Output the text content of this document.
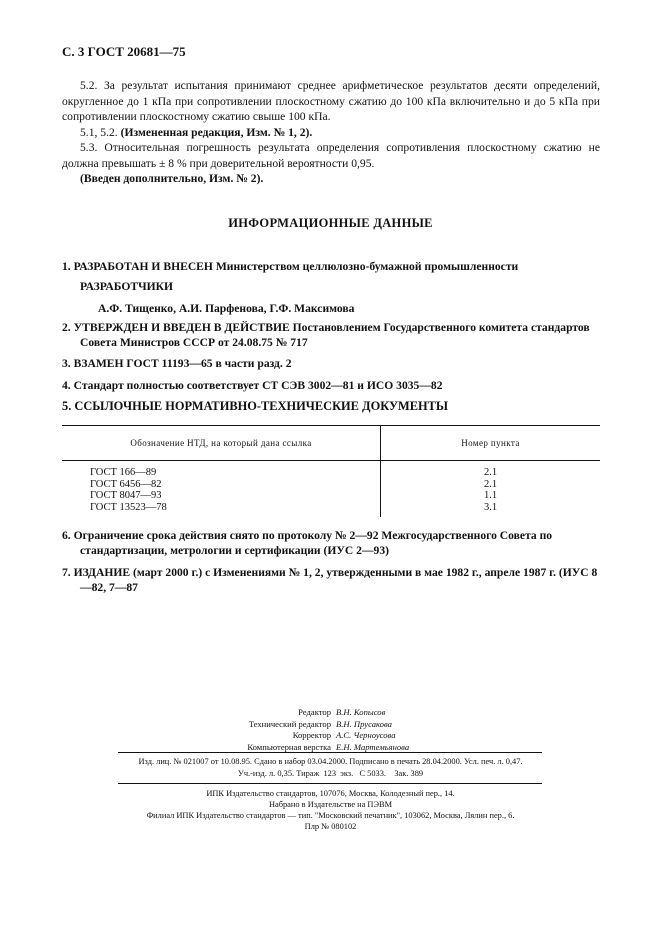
С. 3 ГОСТ 20681—75

5.2. За результат испытания принимают среднее арифметическое результатов десяти определений, округленное до 1 кПа при сопротивлении плоскостному сжатию до 100 кПа включительно и до 5 кПа при сопротивлении плоскостному сжатию свыше 100 кПа.

5.1, 5.2. (Измененная редакция, Изм. № 1, 2).

5.3. Относительная погрешность результата определения сопротивления плоскостному сжатию не должна превышать ± 8 % при доверительной вероятности 0,95.

(Введен дополнительно, Изм. № 2).

ИНФОРМАЦИОННЫЕ ДАННЫЕ
1. РАЗРАБОТАН И ВНЕСЕН Министерством целлюлозно-бумажной промышленности
РАЗРАБОТЧИКИ
А.Ф. Тищенко, А.И. Парфенова, Г.Ф. Максимова

2. УТВЕРЖДЕН И ВВЕДЕН В ДЕЙСТВИЕ Постановлением Государственного комитета стандартов Совета Министров СССР от 24.08.75 № 717

3. ВЗАМЕН ГОСТ 11193—65 в части разд. 2
4. Стандарт полностью соответствует СТ СЭВ 3002—81 и ИСО 3035—82
5. ССЫЛОЧНЫЕ НОРМАТИВНО-ТЕХНИЧЕСКИЕ ДОКУМЕНТЫ
Обозначение НТД, на который дана ссылка	Номер пункта
ГОСТ 166—89	2.1
ГОСТ 6456—82	2.1
ГОСТ 8047—93	1.1
ГОСТ 13523—78	3.1

6. Ограничение срока действия снято по протоколу № 2—92 Межгосударственного Совета по стандартизации, метрологии и сертификации (ИУС 2—93)

7. ИЗДАНИЕ (март 2000 г.) с Изменениями № 1, 2, утвержденными в мае 1982 г., апреле 1987 г. (ИУС 8—82, 7—87

Редактор В.Н. Копысов
Технический редактор В.Н. Прусакова
Корректор А.С. Черноусова
Компьютерная верстка Е.Н. Мартемьянова
Изд. лиц. № 021007 от 10.08.95. Сдано в набор 03.04.2000. Подписано в печать 28.04.2000. Усл. печ. л. 0,47.
Уч.-изд. л. 0,35. Тираж  123  экз.   С 5033.    Зак. 389
ИПК Издательство стандартов, 107076, Москва, Колодезный пер., 14.
Набрано в Издательстве на ПЭВМ
Филиал ИПК Издательство стандартов — тип. "Московский печатник", 103062, Москва, Лялин пер., 6.
Плр № 080102
